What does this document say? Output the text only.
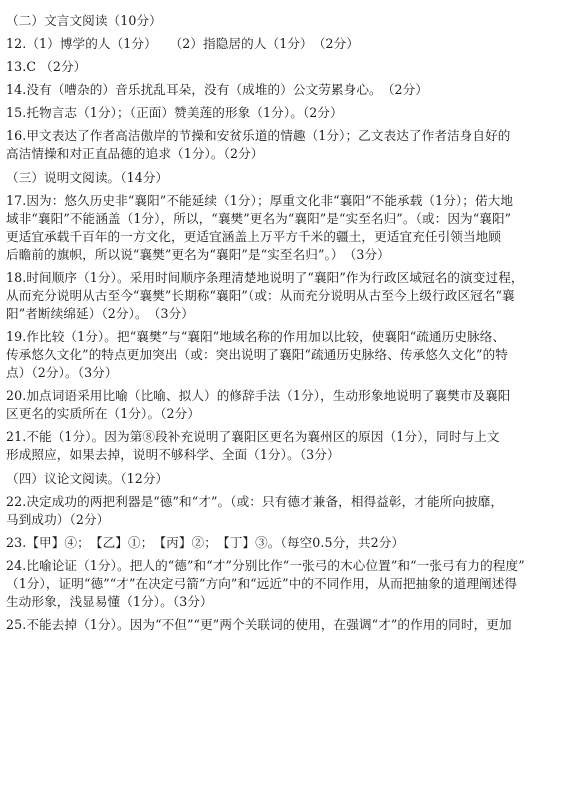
（二）文言文阅读（10分）
12.（1）博学的人（1分）　　（2）指隐居的人（1分）　（2分）
13.C （2分）
14.没有（嘈杂的）音乐扰乱耳朵，没有（成堆的）公文劳累身心。　（2分）
15.托物言志（1分）；（正面）赞美莲的形象（1分）。（2分）
16.甲文表达了作者高洁傲岸的节操和安贫乐道的情趣（1分）；乙文表达了作者洁身自好的
高洁情操和对正直品德的追求（1分）。（2分）
（三）说明文阅读。（14分）
17.因为：悠久历史非“襄阳”不能延续（1分）；厚重文化非“襄阳”不能承载（1分）；偌大地
域非“襄阳”不能涵盖（1分），所以，“襄樊”更名为“襄阳”是“实至名归”。（或：因为“襄阳”
更适宜承载千百年的一方文化，更适宜涵盖上万平方千米的疆土，更适宜充任引领当地顾
后瞻前的旗帜，所以说“襄樊”更名为“襄阳”是“实至名归”。）　（3分）
18.时间顺序（1分）。采用时间顺序条理清楚地说明了“襄阳”作为行政区域冠名的演变过程，
从而充分说明从古至今“襄樊”长期称“襄阳”（或：从而充分说明从古至今上级行政区冠名“襄
阳”者断续绵延）（2分）。　（3分）
19.作比较（1分）。把“襄樊”与“襄阳”地域名称的作用加以比较，使襄阳“疏通历史脉络、
传承悠久文化”的特点更加突出（或：突出说明了襄阳“疏通历史脉络、传承悠久文化”的特
点）（2分）。（3分）
20.加点词语采用比喻（比喻、拟人）的修辞手法（1分），生动形象地说明了襄樊市及襄阳
区更名的实质所在（1分）。（2分）
21.不能（1分）。因为第⑧段补充说明了襄阳区更名为襄州区的原因（1分），同时与上文
形成照应，如果去掉，说明不够科学、全面（1分）。（3分）
（四）议论文阅读。（12分）
22.决定成功的两把利器是“德”和“才”。（或：只有德才兼备，相得益彰，才能所向披靡，
马到成功）（2分）
23.【甲】④；　【乙】①；　【丙】②；　【丁】③。（每空0.5分，共2分）
24.比喻论证（1分）。把人的“德”和“才”分别比作“一张弓的木心位置”和“一张弓有力的程度”
（1分），证明“德”“才”在决定弓箭“方向”和“远近”中的不同作用，从而把抽象的道理阐述得
生动形象，浅显易懂（1分）。（3分）
25.不能去掉（1分）。因为“不但”“更”两个关联词的使用，在强调“才”的作用的同时，更加
